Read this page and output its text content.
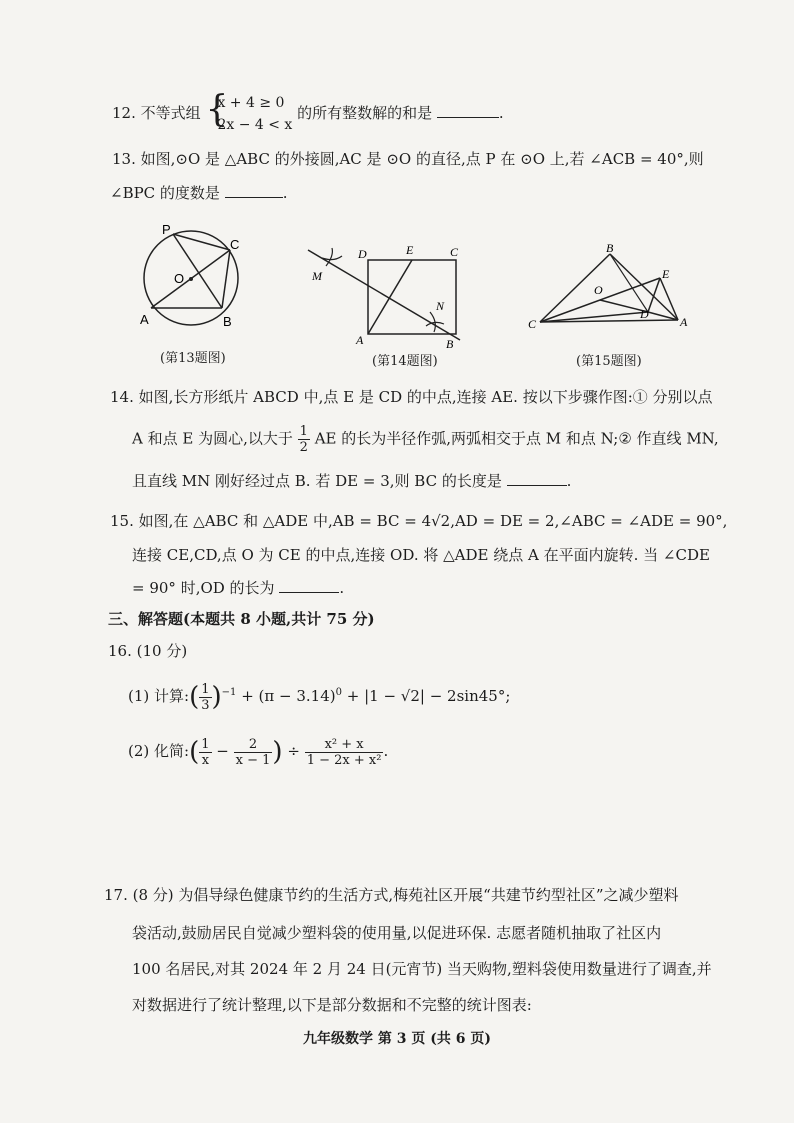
12. 不等式组 {
x + 4 ≥ 0
2x − 4 < x
的所有整数解的和是	.
13. 如图,⊙O 是 △ABC 的外接圆,AC 是 ⊙O 的直径,点 P 在 ⊙O 上,若 ∠ACB = 40°,则
∠BPC 的度数是	.
P
C
O
A	B
(第13题图)
D	E	C
M
N
A	B
(第14题图)
B
E
O
D
C	A
(第15题图)
14. 如图,长方形纸片 ABCD 中,点 E 是 CD 的中点,连接 AE. 按以下步骤作图:① 分别以点
A 和点 E 为圆心,以大于 $\frac{1}{2}$ AE 的长为半径作弧,两弧相交于点 M 和点 N;② 作直线 MN,
且直线 MN 刚好经过点 B. 若 DE = 3,则 BC 的长度是	.
15. 如图,在 △ABC 和 △ADE 中,AB = BC = 4√2,AD = DE = 2,∠ABC = ∠ADE = 90°,
连接 CE,CD,点 O 为 CE 的中点,连接 OD. 将 △ADE 绕点 A 在平面内旋转. 当 ∠CDE
= 90° 时,OD 的长为	.
三、解答题(本题共 8 小题,共计 75 分)
16. (10 分)
(1) 计算:( $\frac{1}{3} )^{-1} + (\pi - 3.14)^0 + |1 - √2| - 2\sin 45^\circ$;
(2) 化简:( $\frac{1}{x} - \frac{2}{x - 1}$ ) ÷ $\frac{\text{x² + x}}{\text{1 − 2x + x²}}$ .
17. (8 分) 为倡导绿色健康节约的生活方式,梅苑社区开展“共建节约型社区”之减少塑料
袋活动,鼓励居民自觉减少塑料袋的使用量,以促进环保. 志愿者随机抽取了社区内
100 名居民,对其 2024 年 2 月 24 日(元宵节) 当天购物,塑料袋使用数量进行了调查,并
对数据进行了统计整理,以下是部分数据和不完整的统计图表:
九年级数学 第 3 页 (共 6 页)
